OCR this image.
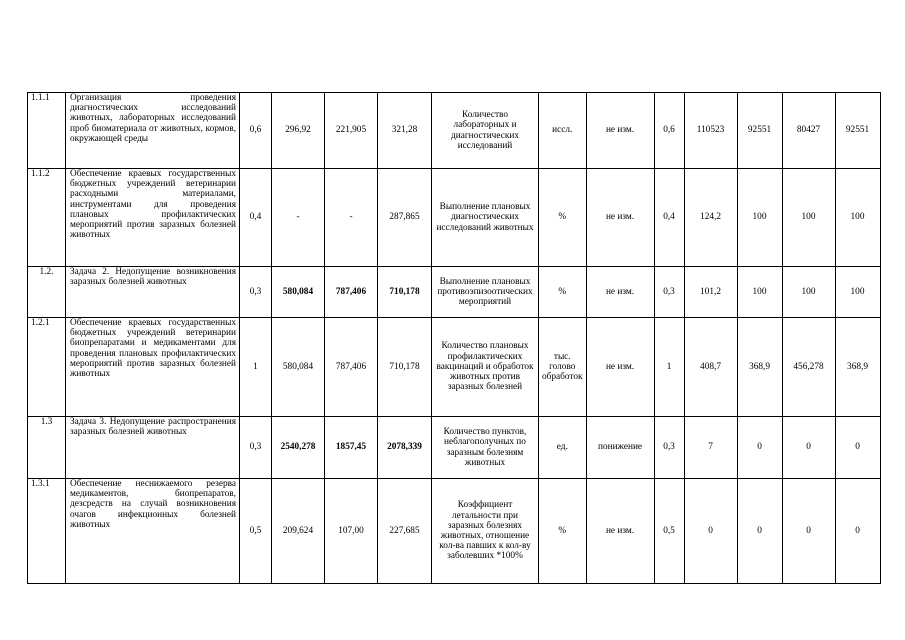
1.1.1	Организация проведения диагностических исследований животных, лабораторных исследований проб биоматериала от животных, кормов, окружающей среды	0,6	296,92	221,905	321,28	Количество лабораторных и диагностических исследований	иссл.	не изм.	0,6	110523	92551	80427	92551
1.1.2	Обеспечение краевых государственных бюджетных учреждений ветеринарии расходными материалами, инструментами для проведения плановых профилактических мероприятий против заразных болезней животных	0,4	-	-	287,865	Выполнение плановых диагностических исследований животных	%	не изм.	0,4	124,2	100	100	100
1.2.	Задача 2. Недопущение возникновения заразных болезней животных	0,3	580,084	787,406	710,178	Выполнение плановых противоэпизоотических мероприятий	%	не изм.	0,3	101,2	100	100	100
1.2.1	Обеспечение краевых государственных бюджетных учреждений ветеринарии биопрепаратами и медикаментами для проведения плановых профилактических мероприятий против заразных болезней животных	1	580,084	787,406	710,178	Количество плановых профилактических вакцинаций и обработок животных против заразных болезней	тыс. голово обработок	не изм.	1	408,7	368,9	456,278	368,9
1.3	Задача 3. Недопущение распространения заразных болезней животных	0,3	2540,278	1857,45	2078,339	Количество пунктов, неблагополучных по заразным болезням животных	ед.	понижение	0,3	7	0	0	0
1.3.1	Обеспечение неснижаемого резерва медикаментов, биопрепаратов, дезсредств на случай возникновения очагов инфекционных болезней животных	0,5	209,624	107,00	227,685	Коэффициент летальности при заразных болезнях животных, отношение кол-ва павших к кол-ву заболевших *100%	%	не изм.	0,5	0	0	0	0
